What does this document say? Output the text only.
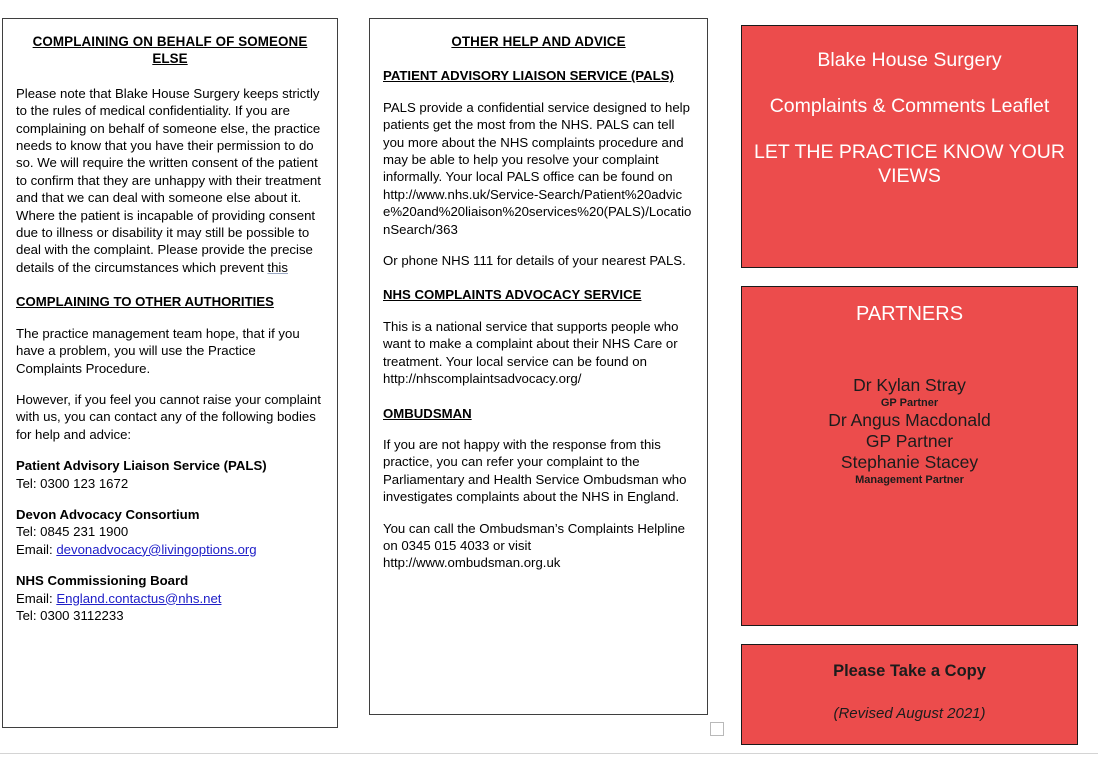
COMPLAINING ON BEHALF OF SOMEONE ELSE

Please note that Blake House Surgery keeps strictly to the rules of medical confidentiality. If you are complaining on behalf of someone else, the practice needs to know that you have their permission to do so. We will require the written consent of the patient to confirm that they are unhappy with their treatment and that we can deal with someone else about it.

Where the patient is incapable of providing consent due to illness or disability it may still be possible to deal with the complaint. Please provide the precise details of the circumstances which prevent this

COMPLAINING TO OTHER AUTHORITIES

The practice management team hope, that if you have a problem, you will use the Practice Complaints Procedure.

However, if you feel you cannot raise your complaint with us, you can contact any of the following bodies for help and advice:

Patient Advisory Liaison Service (PALS)

Tel: 0300 123 1672

Devon Advocacy Consortium

Tel: 0845 231 1900

Email: devonadvocacy@livingoptions.org

NHS Commissioning Board

Email: England.contactus@nhs.net

Tel: 0300 3112233

OTHER HELP AND ADVICE
PATIENT ADVISORY LIAISON SERVICE (PALS)

PALS provide a confidential service designed to help patients get the most from the NHS. PALS can tell you more about the NHS complaints procedure and may be able to help you resolve your complaint informally. Your local PALS office can be found on

http://www.nhs.uk/Service-Search/Patient%20advice%20and%20liaison%20services%20(PALS)/LocationSearch/363

Or phone NHS 111 for details of your nearest PALS.

NHS COMPLAINTS ADVOCACY SERVICE

This is a national service that supports people who want to make a complaint about their NHS Care or treatment. Your local service can be found on

http://nhscomplaintsadvocacy.org/

OMBUDSMAN

If you are not happy with the response from this practice, you can refer your complaint to the Parliamentary and Health Service Ombudsman who investigates complaints about the NHS in England.

You can call the Ombudsman’s Complaints Helpline on 0345 015 4033 or visit

http://www.ombudsman.org.uk

Blake House Surgery
Complaints & Comments Leaflet
LET THE PRACTICE KNOW YOUR VIEWS
PARTNERS
Dr Kylan Stray
GP Partner
Dr Angus Macdonald
GP Partner
Stephanie Stacey
Management Partner
Please Take a Copy
(Revised August 2021)
